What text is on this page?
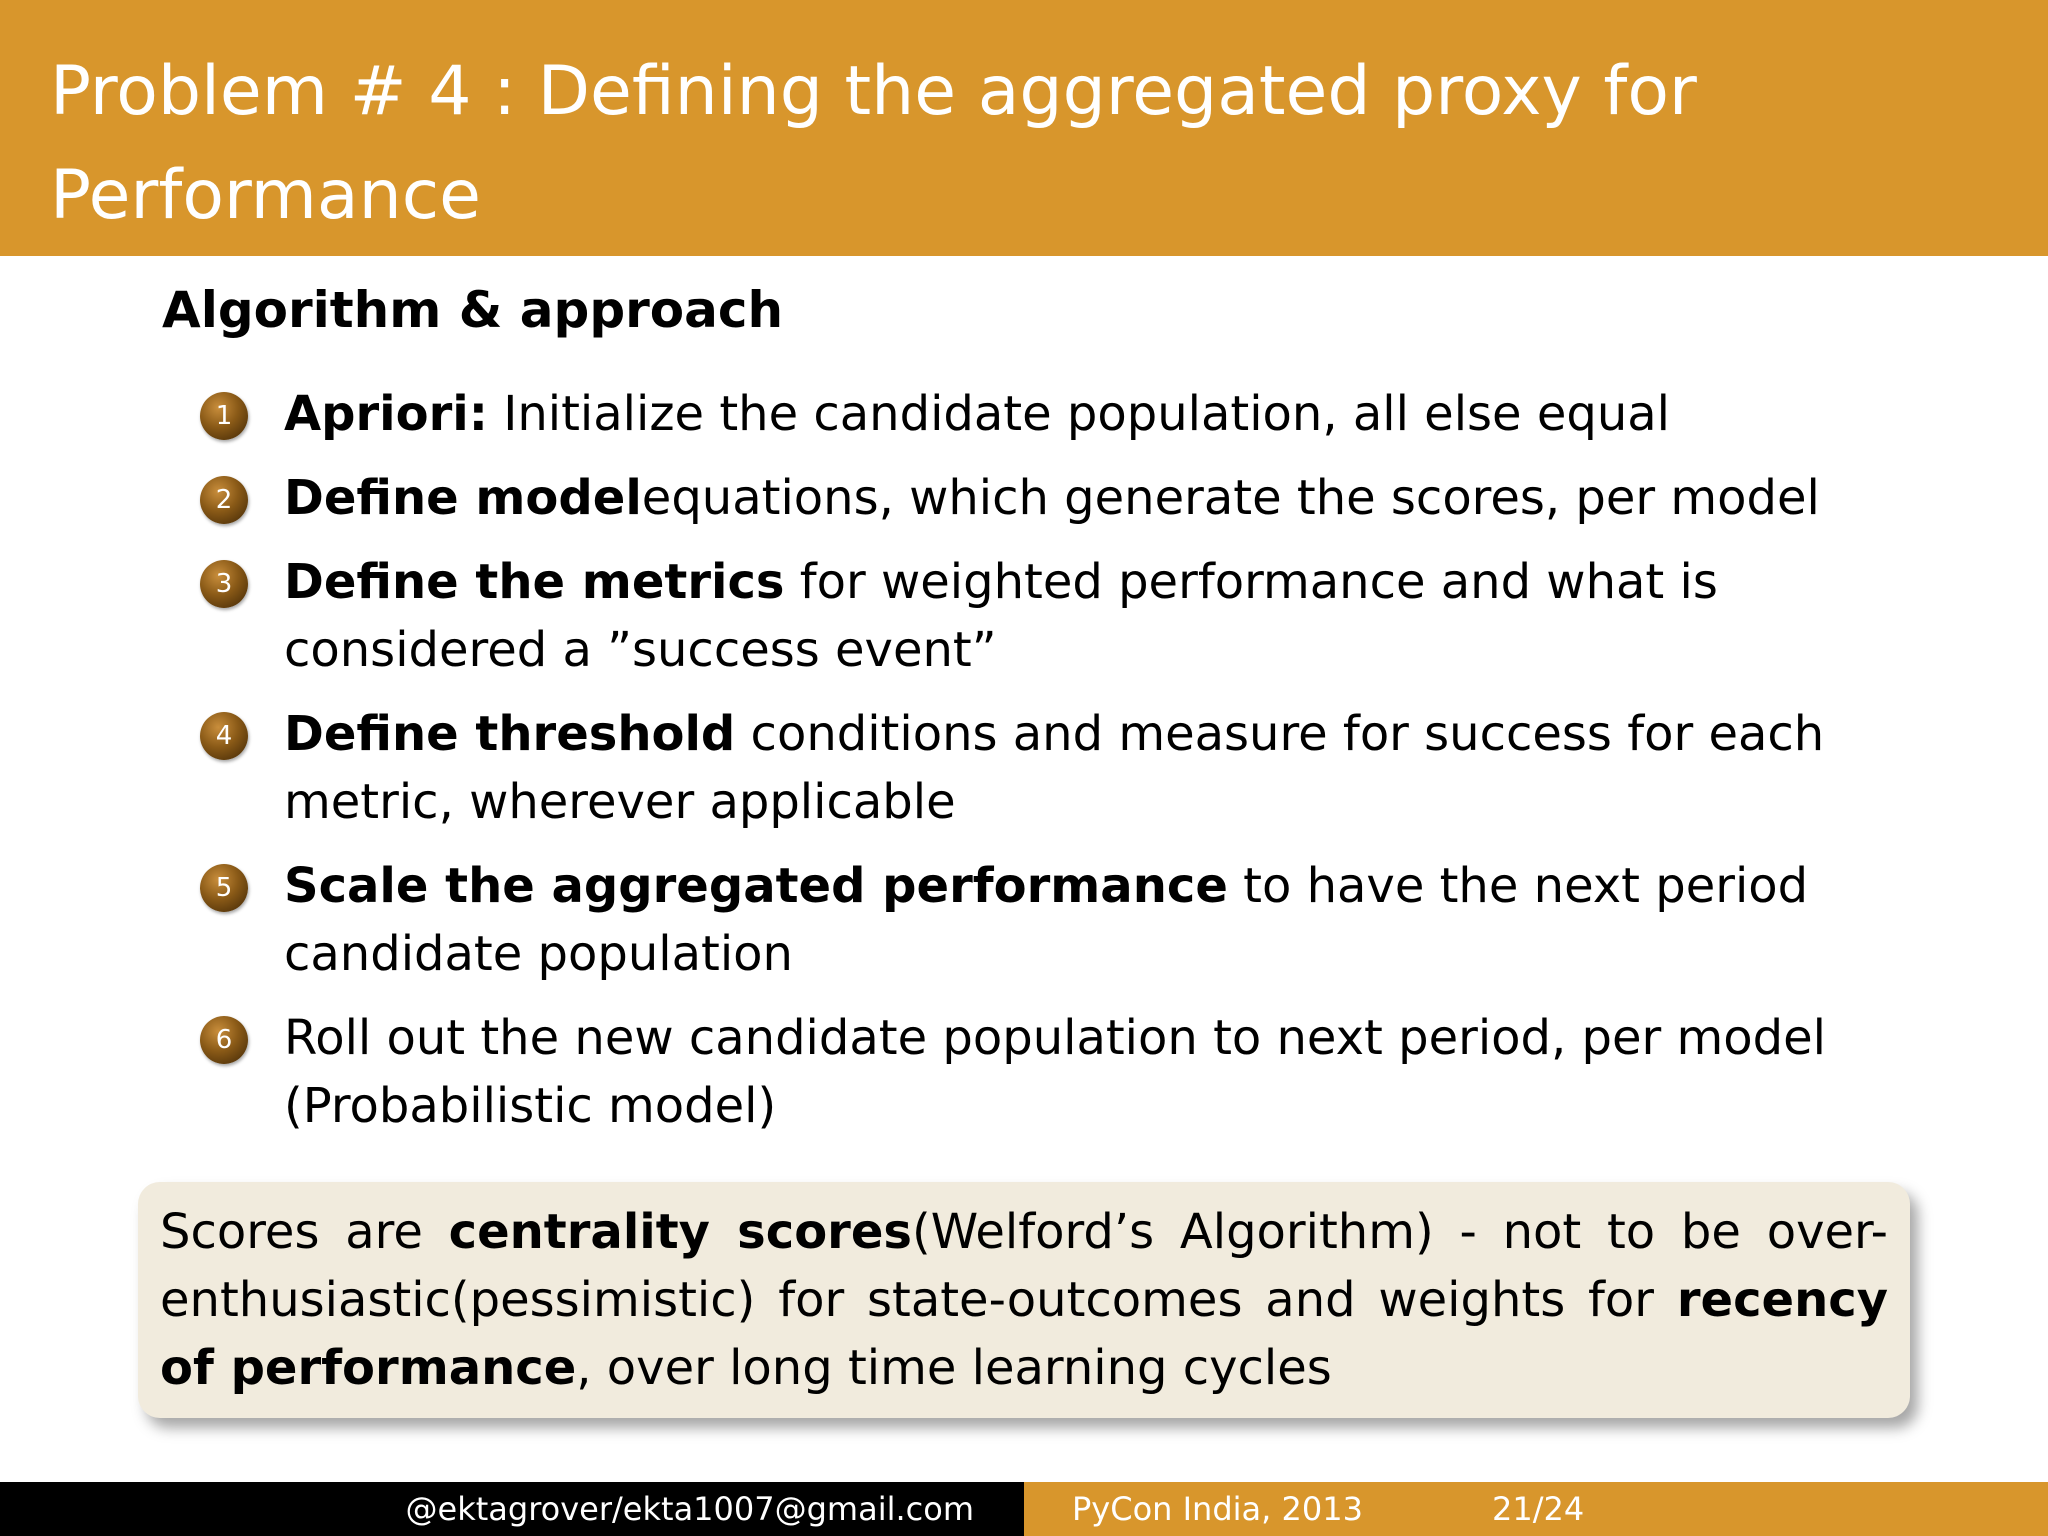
Problem # 4 : Defining the aggregated proxy for Performance
Algorithm & approach
1	Apriori: Initialize the candidate population, all else equal
2	Define modelequations, which generate the scores, per model
3	Define the metrics for weighted performance and what is considered a ”​success event”
4	Define threshold conditions and measure for success for each metric, wherever applicable
5	Scale the aggregated performance to have the next period candidate population
6	Roll out the new candidate population to next period, per model (Probabilistic model)
Scores are centrality scores(Welford’s Algorithm) - not to be over-enthusiastic(pessimistic) for state-outcomes and weights for recency of performance, over long time learning cycles
@ektagrover/ekta1007@gmail.com	PyCon India, 2013	21/24
